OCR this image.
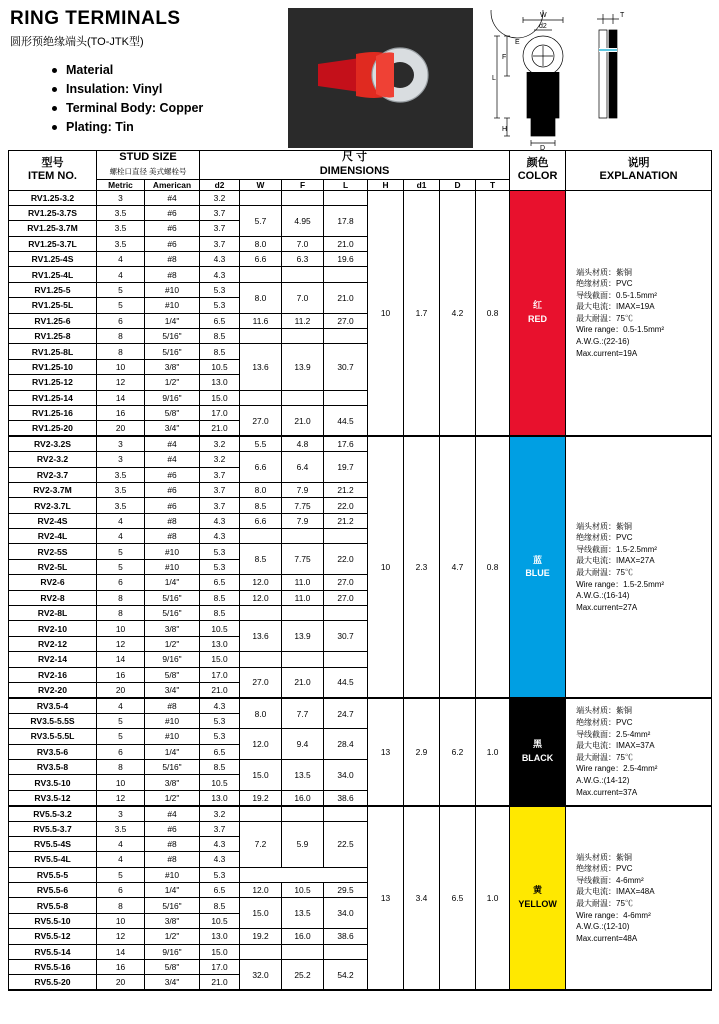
RING TERMINALS
圆形预绝缘端头(TO-JTK型)
Material
Insulation: Vinyl
Terminal Body: Copper
Plating: Tin
W
d2
F
L
H
d1
D
T
E
型号
ITEM NO.	STUD SIZE
螺栓口直径 美式螺栓号		尺 寸
DIMENSIONS								颜色
COLOR	说明
EXPLANATION
	Metric	American	d2	W	F	L	H	d1	D	T		
RV1.25-3.2	3	#4	3.2				10	1.7	4.2	0.8	红
RED	
端头材质：紫铜
绝缘材质：PVC
导线截面：0.5-1.5mm²
最大电流：IMAX=19A
最大耐温：75℃
Wire range：0.5-1.5mm²
A.W.G.:(22-16)
Max.current=19A

RV1.25-3.7S	3.5	#6	3.7	5.7	4.95	17.8						
RV1.25-3.7M	3.5	#6	3.7									
RV1.25-3.7L	3.5	#6	3.7	8.0	7.0	21.0						
RV1.25-4S	4	#8	4.3	6.6	6.3	19.6						
RV1.25-4L	4	#8	4.3									
RV1.25-5	5	#10	5.3	8.0	7.0	21.0						
RV1.25-5L	5	#10	5.3									
RV1.25-6	6	1/4"	6.5	11.6	11.2	27.0						
RV1.25-8	8	5/16"	8.5									
RV1.25-8L	8	5/16"	8.5	13.6	13.9	30.7						
RV1.25-10	10	3/8"	10.5									
RV1.25-12	12	1/2"	13.0									
RV1.25-14	14	9/16"	15.0									
RV1.25-16	16	5/8"	17.0	27.0	21.0	44.5						
RV1.25-20	20	3/4"	21.0									
RV2-3.2S	3	#4	3.2	5.5	4.8	17.6	10	2.3	4.7	0.8	蓝
BLUE	
端头材质：紫铜
绝缘材质：PVC
导线截面：1.5-2.5mm²
最大电流：IMAX=27A
最大耐温：75℃
Wire range：1.5-2.5mm²
A.W.G.:(16-14)
Max.current=27A

RV2-3.2	3	#4	3.2	6.6	6.4	19.7						
RV2-3.7	3.5	#6	3.7									
RV2-3.7M	3.5	#6	3.7	8.0	7.9	21.2						
RV2-3.7L	3.5	#6	3.7	8.5	7.75	22.0						
RV2-4S	4	#8	4.3	6.6	7.9	21.2						
RV2-4L	4	#8	4.3									
RV2-5S	5	#10	5.3	8.5	7.75	22.0						
RV2-5L	5	#10	5.3									
RV2-6	6	1/4"	6.5	12.0	11.0	27.0						
RV2-8	8	5/16"	8.5	12.0	11.0	27.0						
RV2-8L	8	5/16"	8.5									
RV2-10	10	3/8"	10.5	13.6	13.9	30.7						
RV2-12	12	1/2"	13.0									
RV2-14	14	9/16"	15.0									
RV2-16	16	5/8"	17.0	27.0	21.0	44.5						
RV2-20	20	3/4"	21.0									
RV3.5-4	4	#8	4.3	8.0	7.7	24.7	13	2.9	6.2	1.0	黑
BLACK	
端头材质：紫铜
绝缘材质：PVC
导线截面：2.5-4mm²
最大电流：IMAX=37A
最大耐温：75℃
Wire range：2.5-4mm²
A.W.G.:(14-12)
Max.current=37A

RV3.5-5.5S	5	#10	5.3									
RV3.5-5.5L	5	#10	5.3	12.0	9.4	28.4						
RV3.5-6	6	1/4"	6.5									
RV3.5-8	8	5/16"	8.5	15.0	13.5	34.0						
RV3.5-10	10	3/8"	10.5									
RV3.5-12	12	1/2"	13.0	19.2	16.0	38.6						
RV5.5-3.2	3	#4	3.2				13	3.4	6.5	1.0	黄
YELLOW	
端头材质：紫铜
绝缘材质：PVC
导线截面：4-6mm²
最大电流：IMAX=48A
最大耐温：75℃
Wire range：4-6mm²
A.W.G.:(12-10)
Max.current=48A

RV5.5-3.7	3.5	#6	3.7	7.2	5.9	22.5						
RV5.5-4S	4	#8	4.3									
RV5.5-4L	4	#8	4.3									
RV5.5-5	5	#10	5.3									
RV5.5-6	6	1/4"	6.5	12.0	10.5	29.5						
RV5.5-8	8	5/16"	8.5	15.0	13.5	34.0						
RV5.5-10	10	3/8"	10.5									
RV5.5-12	12	1/2"	13.0	19.2	16.0	38.6						
RV5.5-14	14	9/16"	15.0									
RV5.5-16	16	5/8"	17.0	32.0	25.2	54.2						
RV5.5-20	20	3/4"	21.0									
